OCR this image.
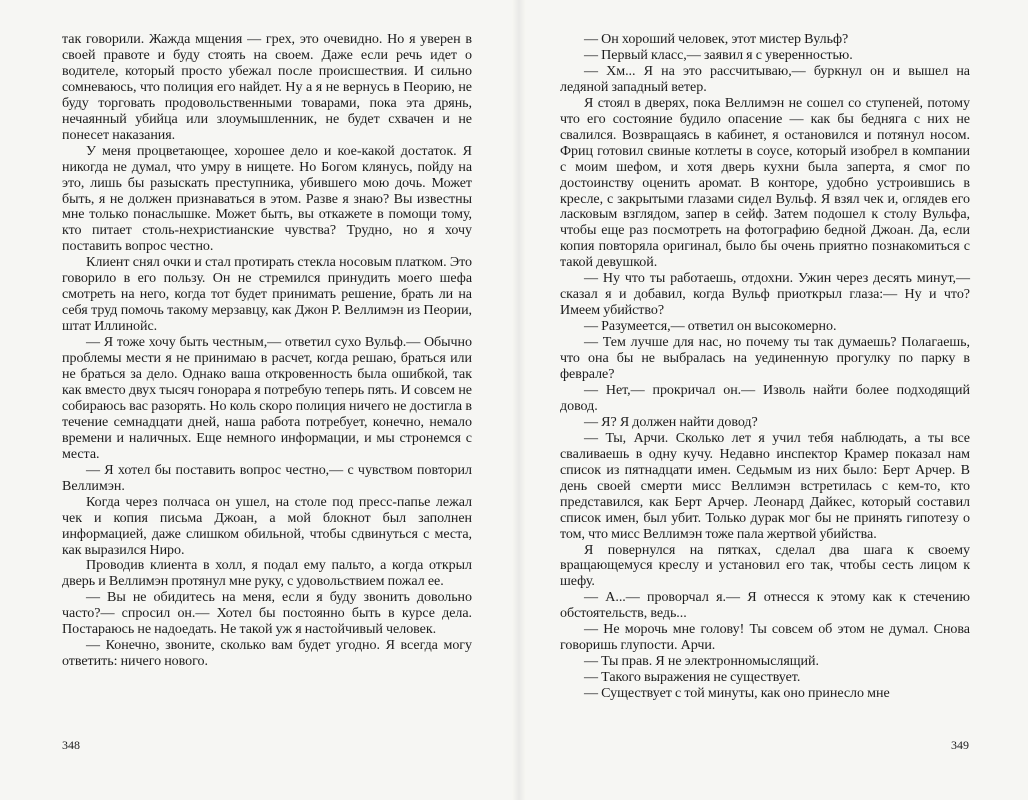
так говорили. Жажда мщения — грех, это очевидно. Но я уверен в своей правоте и буду стоять на своем. Даже если речь идет о водителе, который просто убежал после происшествия. И сильно сомневаюсь, что полиция его найдет. Ну а я не вернусь в Пеорию, не буду торговать продовольственными товарами, пока эта дрянь, нечаянный убийца или злоумышленник, не будет схвачен и не понесет наказания.

У меня процветающее, хорошее дело и кое-какой достаток. Я никогда не думал, что умру в нищете. Но Богом клянусь, пойду на это, лишь бы разыскать преступника, убившего мою дочь. Может быть, я не должен признаваться в этом. Разве я знаю? Вы известны мне только понаслышке. Может быть, вы откажете в помощи тому, кто питает столь-нехристианские чувства? Трудно, но я хочу поставить вопрос честно.

Клиент снял очки и стал протирать стекла носовым платком. Это говорило в его пользу. Он не стремился принудить моего шефа смотреть на него, когда тот будет принимать решение, брать ли на себя труд помочь такому мерзавцу, как Джон Р. Веллимэн из Пеории, штат Иллинойс.

— Я тоже хочу быть честным,— ответил сухо Вульф.— Обычно проблемы мести я не принимаю в расчет, когда решаю, браться или не браться за дело. Однако ваша откровенность была ошибкой, так как вместо двух тысяч гонорара я потребую теперь пять. И совсем не собираюсь вас разорять. Но коль скоро полиция ничего не достигла в течение семнадцати дней, наша работа потребует, конечно, немало времени и наличных. Еще немного информации, и мы стронемся с места.

— Я хотел бы поставить вопрос честно,— с чувством повторил Веллимэн.

Когда через полчаса он ушел, на столе под пресс-папье лежал чек и копия письма Джоан, а мой блокнот был заполнен информацией, даже слишком обильной, чтобы сдвинуться с места, как выразился Ниро.

Проводив клиента в холл, я подал ему пальто, а когда открыл дверь и Веллимэн протянул мне руку, с удовольствием пожал ее.

— Вы не обидитесь на меня, если я буду звонить довольно часто?— спросил он.— Хотел бы постоянно быть в курсе дела. Постараюсь не надоедать. Не такой уж я настойчивый человек.

— Конечно, звоните, сколько вам будет угодно. Я всегда могу ответить: ничего нового.

348

— Он хороший человек, этот мистер Вульф?

— Первый класс,— заявил я с уверенностью.

— Хм... Я на это рассчитываю,— буркнул он и вышел на ледяной западный ветер.

Я стоял в дверях, пока Веллимэн не сошел со ступеней, потому что его состояние будило опасение — как бы бедняга с них не свалился. Возвращаясь в кабинет, я остановился и потянул носом. Фриц готовил свиные котлеты в соусе, который изобрел в компании с моим шефом, и хотя дверь кухни была заперта, я смог по достоинству оценить аромат. В конторе, удобно устроившись в кресле, с закрытыми глазами сидел Вульф. Я взял чек и, оглядев его ласковым взглядом, запер в сейф. Затем подошел к столу Вульфа, чтобы еще раз посмотреть на фотографию бедной Джоан. Да, если копия повторяла оригинал, было бы очень приятно познакомиться с такой девушкой.

— Ну что ты работаешь, отдохни. Ужин через десять минут,— сказал я и добавил, когда Вульф приоткрыл глаза:— Ну и что? Имеем убийство?

— Разумеется,— ответил он высокомерно.

— Тем лучше для нас, но почему ты так думаешь? Полагаешь, что она бы не выбралась на уединенную прогулку по парку в феврале?

— Нет,— прокричал он.— Изволь найти более подходящий довод.

— Я? Я должен найти довод?

— Ты, Арчи. Сколько лет я учил тебя наблюдать, а ты все сваливаешь в одну кучу. Недавно инспектор Крамер показал нам список из пятнадцати имен. Седьмым из них было: Берт Арчер. В день своей смерти мисс Веллимэн встретилась с кем-то, кто представился, как Берт Арчер. Леонард Дайкес, который составил список имен, был убит. Только дурак мог бы не принять гипотезу о том, что мисс Веллимэн тоже пала жертвой убийства.

Я повернулся на пятках, сделал два шага к своему вращающемуся креслу и установил его так, чтобы сесть лицом к шефу.

— А...— проворчал я.— Я отнесся к этому как к стечению обстоятельств, ведь...

— Не морочь мне голову! Ты совсем об этом не думал. Снова говоришь глупости. Арчи.

— Ты прав. Я не электронномыслящий.

— Такого выражения не существует.

— Существует с той минуты, как оно принесло мне

349
